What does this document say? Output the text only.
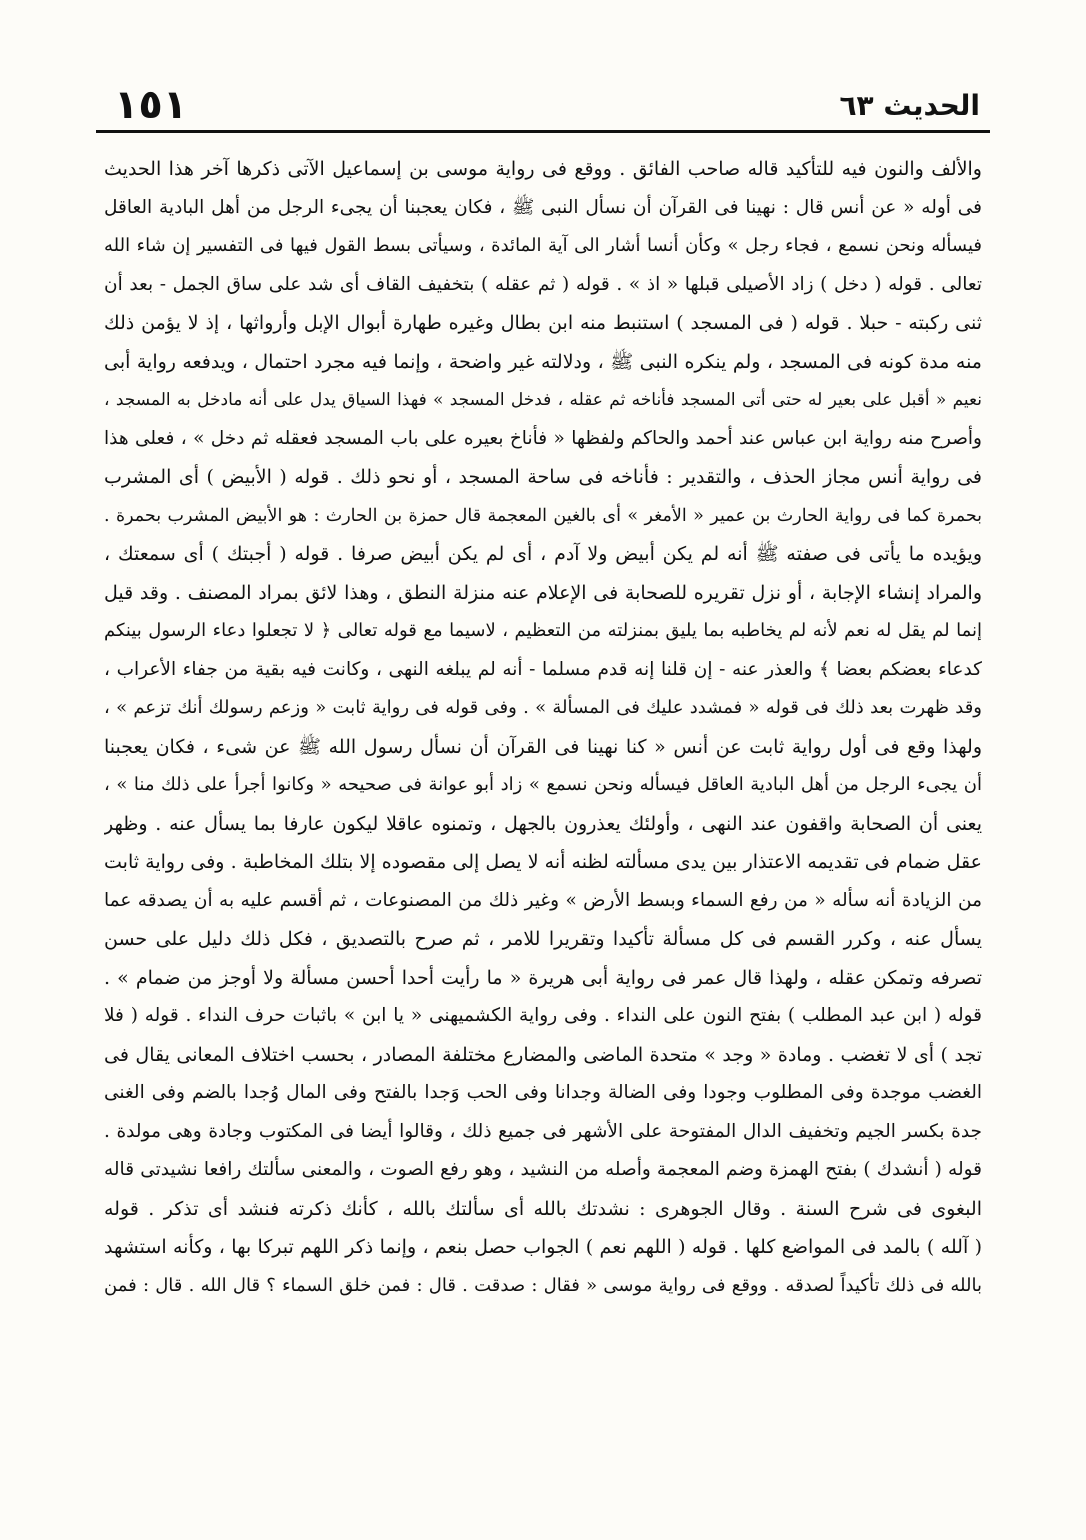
١٥١	الحديث ٦٣
والألف والنون فيه للتأكيد قاله صاحب الفائق . ووقع فى رواية موسى بن إسماعيل الآتى ذكرها آخر هذا الحديث
فى أوله « عن أنس قال : نهينا فى القرآن أن نسأل النبى ﷺ ، فكان يعجبنا أن يجىء الرجل من أهل البادية العاقل
فيسأله ونحن نسمع ، فجاء رجل » وكأن أنسا أشار الى آية المائدة ، وسيأتى بسط القول فيها فى التفسير إن شاء الله
تعالى . قوله ( دخل ) زاد الأصيلى قبلها « اذ » . قوله ( ثم عقله ) بتخفيف القاف أى شد على ساق الجمل - بعد أن
ثنى ركبته - حبلا . قوله ( فى المسجد ) استنبط منه ابن بطال وغيره طهارة أبوال الإبل وأرواثها ، إذ لا يؤمن ذلك
منه مدة كونه فى المسجد ، ولم ينكره النبى ﷺ ، ودلالته غير واضحة ، وإنما فيه مجرد احتمال ، ويدفعه رواية أبى
نعيم « أقبل على بعير له حتى أتى المسجد فأناخه ثم عقله ، فدخل المسجد » فهذا السياق يدل على أنه مادخل به المسجد ،
وأصرح منه رواية ابن عباس عند أحمد والحاكم ولفظها « فأناخ بعيره على باب المسجد فعقله ثم دخل » ، فعلى هذا
فى رواية أنس مجاز الحذف ، والتقدير : فأناخه فى ساحة المسجد ، أو نحو ذلك . قوله ( الأبيض ) أى المشرب
بحمرة كما فى رواية الحارث بن عمير « الأمغر » أى بالغين المعجمة قال حمزة بن الحارث : هو الأبيض المشرب بحمرة .
ويؤيده ما يأتى فى صفته ﷺ أنه لم يكن أبيض ولا آدم ، أى لم يكن أبيض صرفا . قوله ( أجبتك ) أى سمعتك ،
والمراد إنشاء الإجابة ، أو نزل تقريره للصحابة فى الإعلام عنه منزلة النطق ، وهذا لائق بمراد المصنف . وقد قيل
إنما لم يقل له نعم لأنه لم يخاطبه بما يليق بمنزلته من التعظيم ، لاسيما مع قوله تعالى ﴿ لا تجعلوا دعاء الرسول بينكم
كدعاء بعضكم بعضا ﴾ والعذر عنه - إن قلنا إنه قدم مسلما - أنه لم يبلغه النهى ، وكانت فيه بقية من جفاء الأعراب ،
وقد ظهرت بعد ذلك فى قوله « فمشدد عليك فى المسألة » . وفى قوله فى رواية ثابت « وزعم رسولك أنك تزعم » ،
ولهذا وقع فى أول رواية ثابت عن أنس « كنا نهينا فى القرآن أن نسأل رسول الله ﷺ عن شىء ، فكان يعجبنا
أن يجىء الرجل من أهل البادية العاقل فيسأله ونحن نسمع » زاد أبو عوانة فى صحيحه « وكانوا أجرأ على ذلك منا » ،
يعنى أن الصحابة واقفون عند النهى ، وأولئك يعذرون بالجهل ، وتمنوه عاقلا ليكون عارفا بما يسأل عنه . وظهر
عقل ضمام فى تقديمه الاعتذار بين يدى مسألته لظنه أنه لا يصل إلى مقصوده إلا بتلك المخاطبة . وفى رواية ثابت
من الزيادة أنه سأله « من رفع السماء وبسط الأرض » وغير ذلك من المصنوعات ، ثم أقسم عليه به أن يصدقه عما
يسأل عنه ، وكرر القسم فى كل مسألة تأكيدا وتقريرا للامر ، ثم صرح بالتصديق ، فكل ذلك دليل على حسن
تصرفه وتمكن عقله ، ولهذا قال عمر فى رواية أبى هريرة « ما رأيت أحدا أحسن مسألة ولا أوجز من ضمام » .
قوله ( ابن عبد المطلب ) بفتح النون على النداء . وفى رواية الكشميهنى « يا ابن » باثبات حرف النداء . قوله ( فلا
تجد ) أى لا تغضب . ومادة « وجد » متحدة الماضى والمضارع مختلفة المصادر ، بحسب اختلاف المعانى يقال فى
الغضب موجدة وفى المطلوب وجودا وفى الضالة وجدانا وفى الحب وَجدا بالفتح وفى المال وُجدا بالضم وفى الغنى
جدة بكسر الجيم وتخفيف الدال المفتوحة على الأشهر فى جميع ذلك ، وقالوا أيضا فى المكتوب وجادة وهى مولدة .
قوله ( أنشدك ) بفتح الهمزة وضم المعجمة وأصله من النشيد ، وهو رفع الصوت ، والمعنى سألتك رافعا نشيدتى قاله
البغوى فى شرح السنة . وقال الجوهرى : نشدتك بالله أى سألتك بالله ، كأنك ذكرته فنشد أى تذكر . قوله
( آلله ) بالمد فى المواضع كلها . قوله ( اللهم نعم ) الجواب حصل بنعم ، وإنما ذكر اللهم تبركا بها ، وكأنه استشهد
بالله فى ذلك تأكيداً لصدقه . ووقع فى رواية موسى « فقال : صدقت . قال : فمن خلق السماء ؟ قال الله . قال : فمن
